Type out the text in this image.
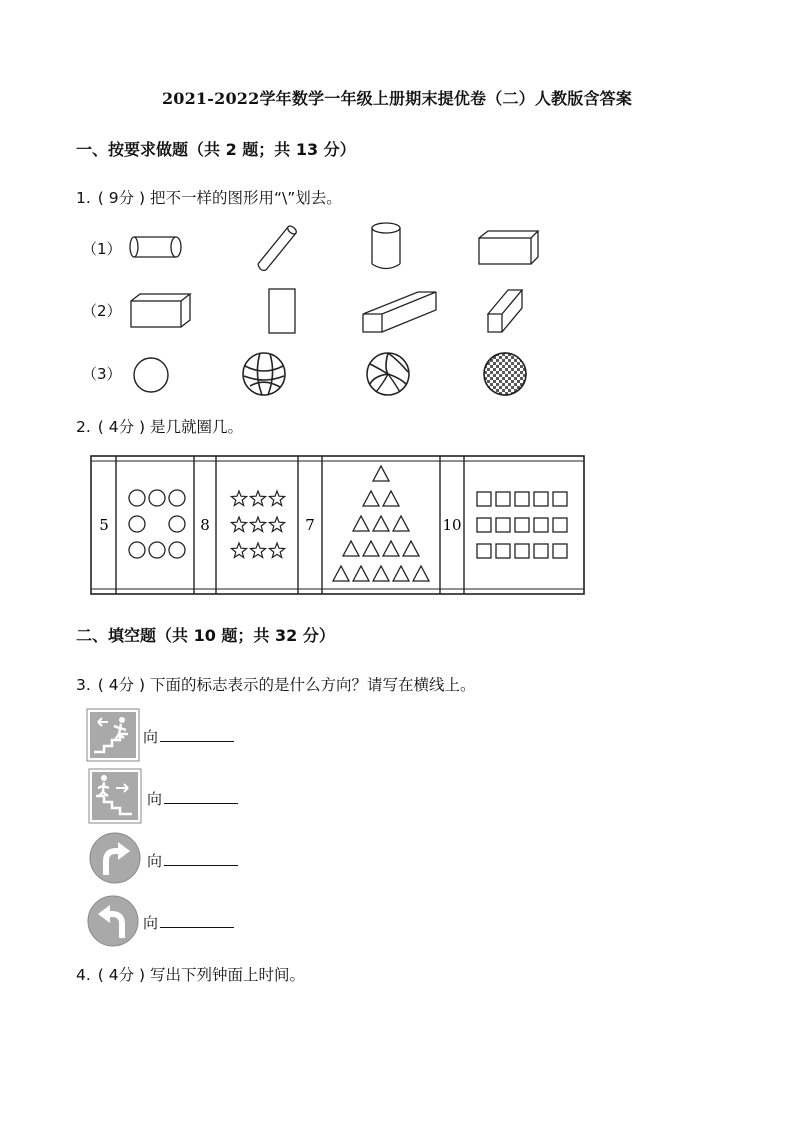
2021-2022学年数学一年级上册期末提优卷（二）人教版含答案
一、按要求做题（共 2 题；共 13 分）
1. ( 9分 ) 把不一样的图形用“\”划去。
（1）
（2）
（3）
2. ( 4分 ) 是几就圈几。
5	8	7	10
二、填空题（共 10 题；共 32 分）
3. ( 4分 ) 下面的标志表示的是什么方向？请写在横线上。
向
向
向
向
4. ( 4分 ) 写出下列钟面上时间。
